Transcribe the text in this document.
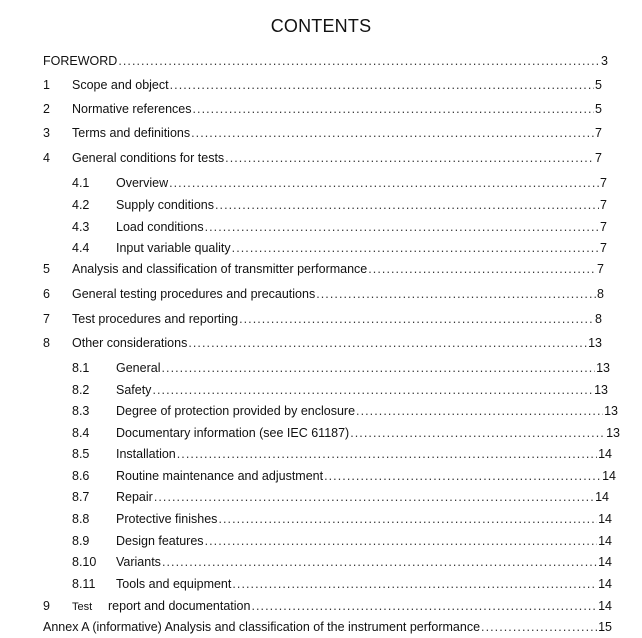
CONTENTS
FOREWORD . . .	3
1	Scope and object . . .	5
2	Normative references . . .	5
3	Terms and definitions . . .	7
4	General conditions for tests . . .	7
4.1	Overview . . .	7
4.2	Supply conditions . . .	7
4.3	Load conditions . . .	7
4.4	Input variable quality . . .	7
5	Analysis and classification of transmitter performance . . .	7
6	General testing procedures and precautions . . .	8
7	Test procedures and reporting . . .	8
8	Other considerations . . .	13
8.1	General . . .	13
8.2	Safety . . .	13
8.3	Degree of protection provided by enclosure . . .	13
8.4	Documentary information (see IEC 61187) . . .	13
8.5	Installation . . .	14
8.6	Routine maintenance and adjustment . . .	14
8.7	Repair . . .	14
8.8	Protective finishes . . .	14
8.9	Design features . . .	14
8.10	Variants . . .	14
8.11	Tools and equipment . . .	14
9	Test	report and documentation . . .	14
Annex A (informative) Analysis and classification of the instrument performance . . .	15
